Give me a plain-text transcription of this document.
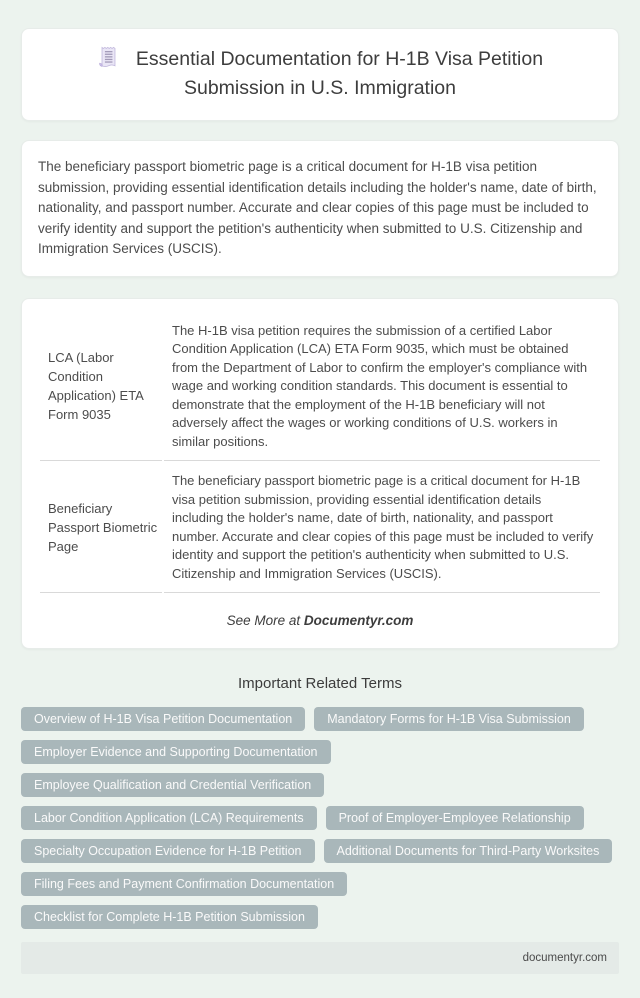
Essential Documentation for H-1B Visa Petition Submission in U.S. Immigration

The beneficiary passport biometric page is a critical document for H-1B visa petition submission, providing essential identification details including the holder's name, date of birth, nationality, and passport number. Accurate and clear copies of this page must be included to verify identity and support the petition's authenticity when submitted to U.S. Citizenship and Immigration Services (USCIS).

LCA (Labor Condition Application) ETA Form 9035	The H-1B visa petition requires the submission of a certified Labor Condition Application (LCA) ETA Form 9035, which must be obtained from the Department of Labor to confirm the employer's compliance with wage and working condition standards. This document is essential to demonstrate that the employment of the H-1B beneficiary will not adversely affect the wages or working conditions of U.S. workers in similar positions.
Beneficiary Passport Biometric Page	The beneficiary passport biometric page is a critical document for H-1B visa petition submission, providing essential identification details including the holder's name, date of birth, nationality, and passport number. Accurate and clear copies of this page must be included to verify identity and support the petition's authenticity when submitted to U.S. Citizenship and Immigration Services (USCIS).
See More at Documentyr.com
Important Related Terms
Overview of H-1B Visa Petition Documentation	Mandatory Forms for H-1B Visa Submission
Employer Evidence and Supporting Documentation
Employee Qualification and Credential Verification
Labor Condition Application (LCA) Requirements	Proof of Employer-Employee Relationship
Specialty Occupation Evidence for H-1B Petition	Additional Documents for Third-Party Worksites
Filing Fees and Payment Confirmation Documentation
Checklist for Complete H-1B Petition Submission
documentyr.com
